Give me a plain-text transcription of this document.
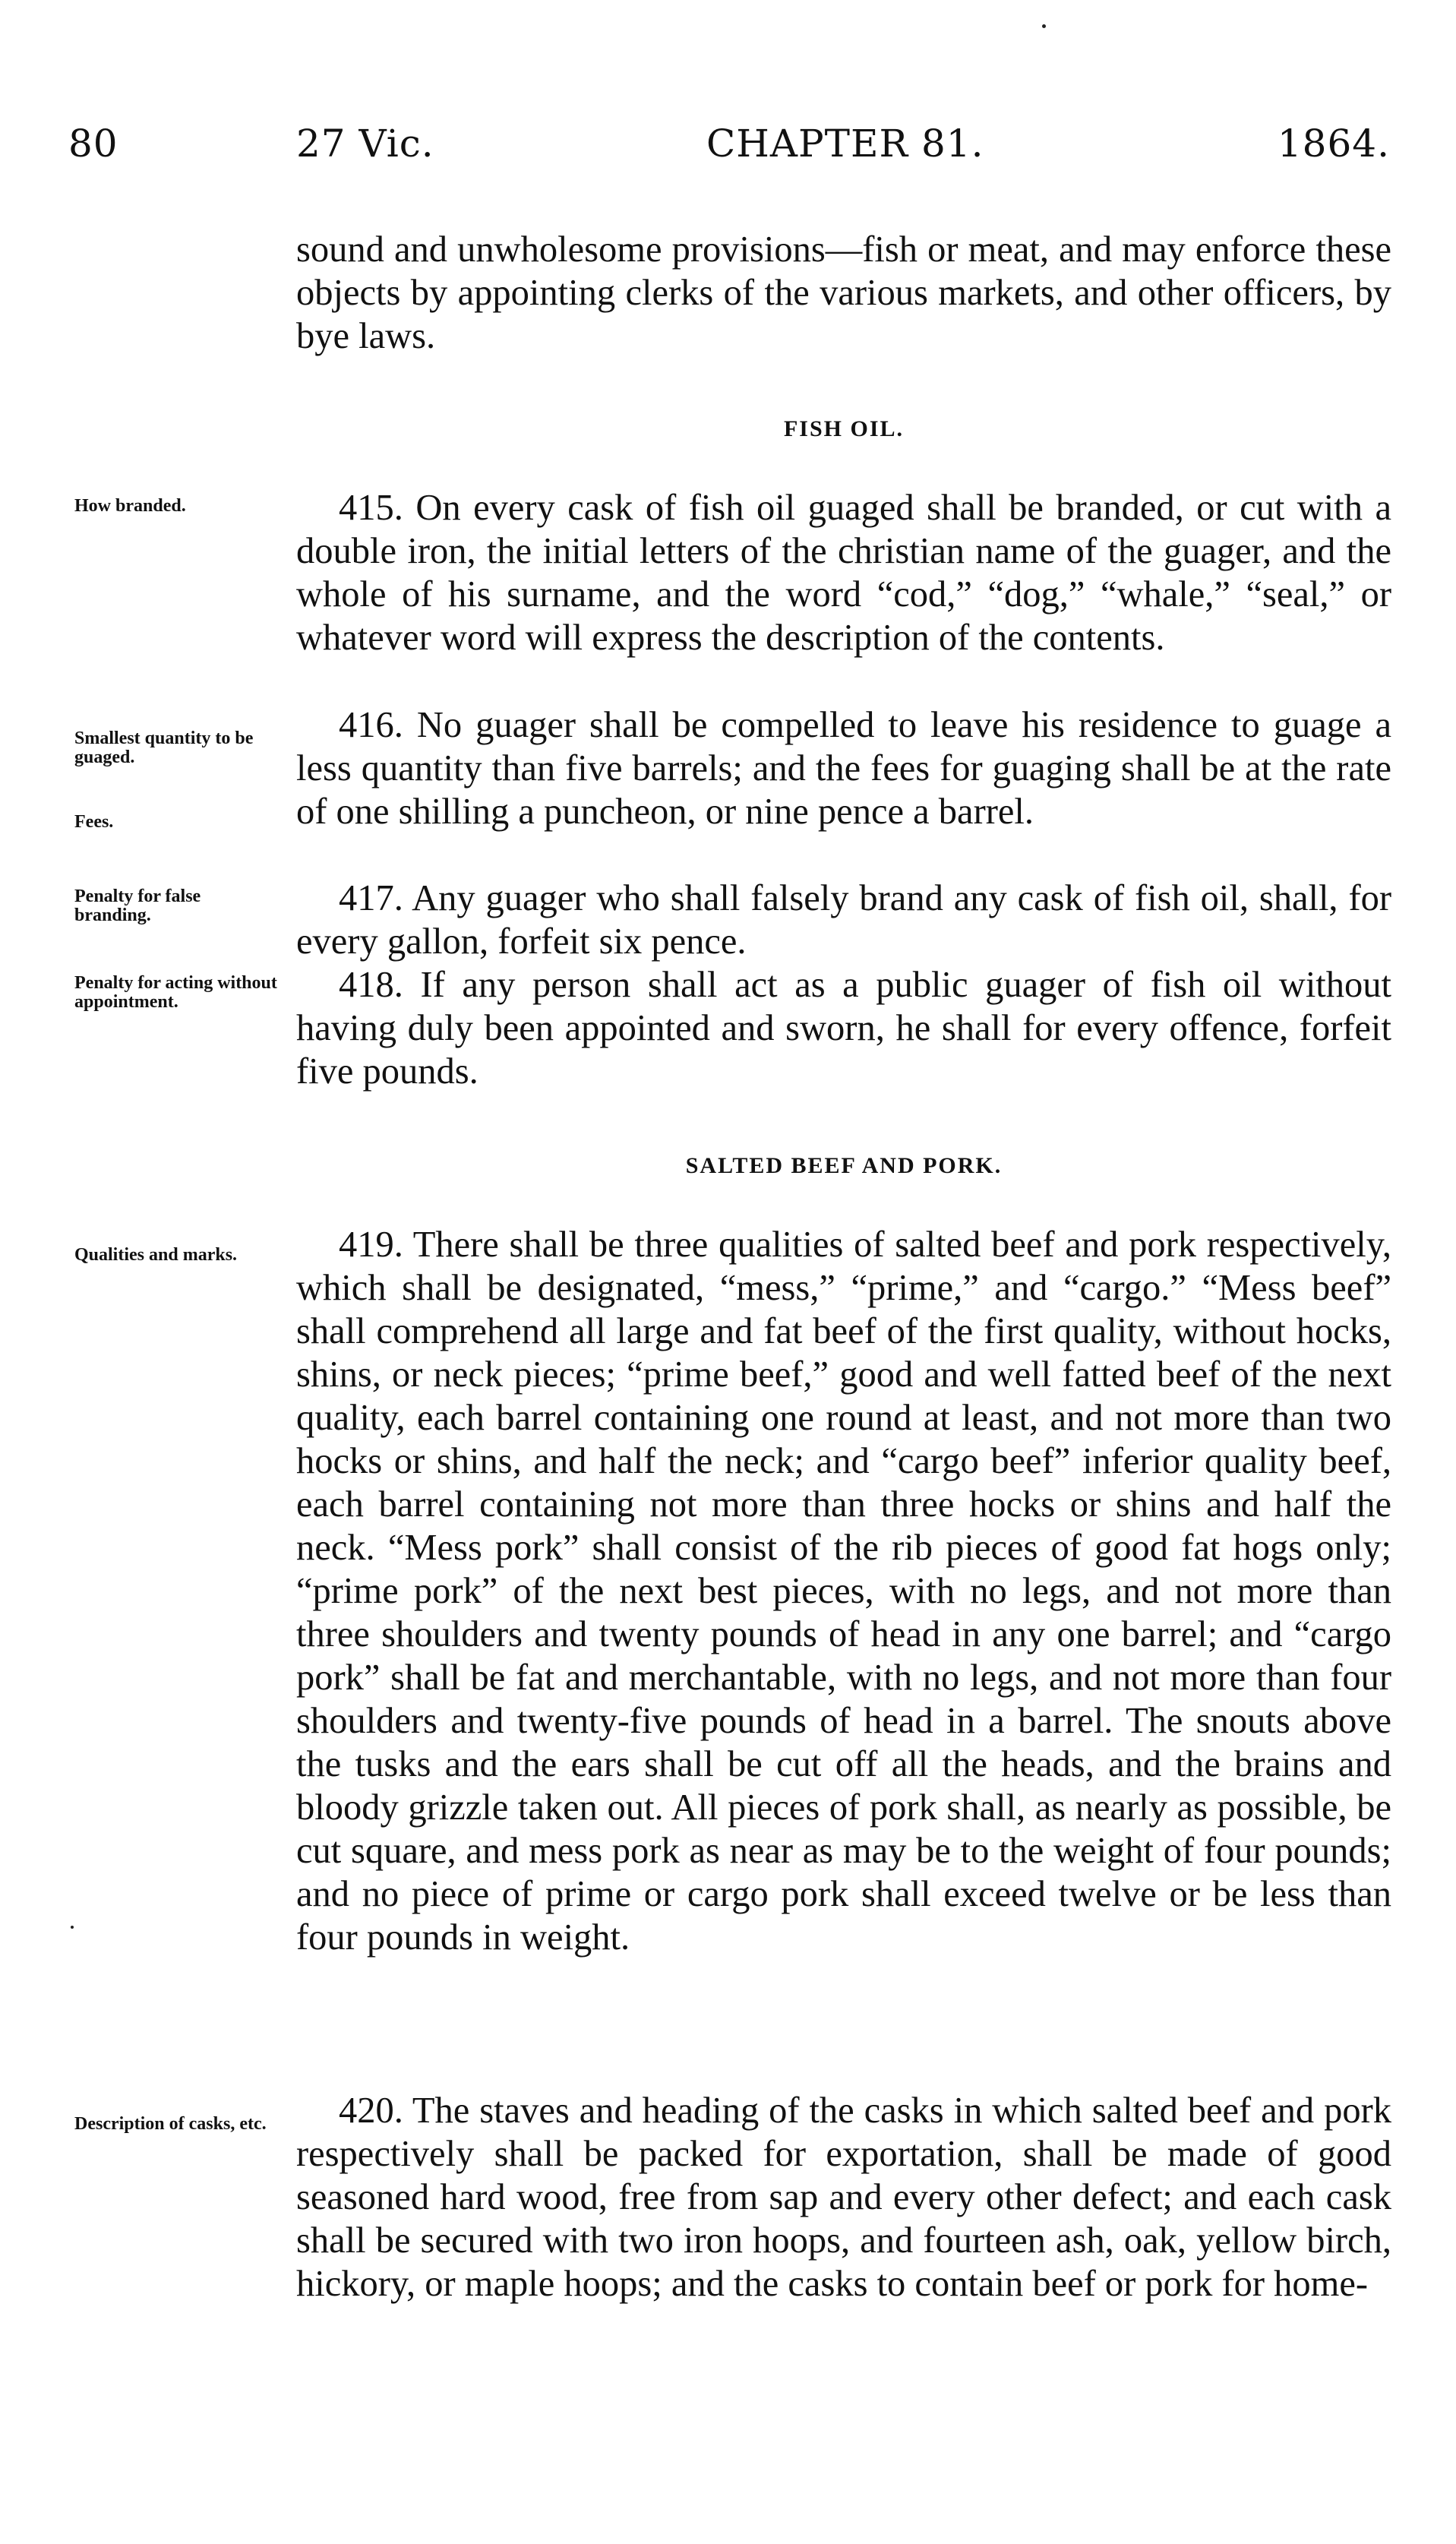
80	27 Vic.	CHAPTER 81.	1864.

sound and unwholesome provisions—fish or meat, and may enforce these objects by appointing clerks of the various markets, and other officers, by bye laws.

FISH OIL.
How branded.	415. On every cask of fish oil guaged shall be branded, or cut with a double iron, the initial letters of the christian name of the guager, and the whole of his surname, and the word “cod,” “dog,” “whale,” “seal,” or whatever word will express the description of the contents.

Smallest quantity to be guaged.
Fees.

416. No guager shall be compelled to leave his residence to guage a less quantity than five barrels; and the fees for guaging shall be at the rate of one shilling a puncheon, or nine pence a barrel.

Penalty for false branding.	417. Any guager who shall falsely brand any cask of fish oil, shall, for every gallon, forfeit six pence.

Penalty for acting without appointment.	418. If any person shall act as a public guager of fish oil without having duly been appointed and sworn, he shall for every offence, forfeit five pounds.

SALTED BEEF AND PORK.
Qualities and marks.	419. There shall be three qualities of salted beef and pork respectively, which shall be designated, “mess,” “prime,” and “cargo.” “Mess beef” shall comprehend all large and fat beef of the first quality, without hocks, shins, or neck pieces; “prime beef,” good and well fatted beef of the next quality, each barrel containing one round at least, and not more than two hocks or shins, and half the neck; and “cargo beef” inferior quality beef, each barrel containing not more than three hocks or shins and half the neck. “Mess pork” shall consist of the rib pieces of good fat hogs only; “prime pork” of the next best pieces, with no legs, and not more than three shoulders and twenty pounds of head in any one barrel; and “cargo pork” shall be fat and merchantable, with no legs, and not more than four shoulders and twenty-five pounds of head in a barrel. The snouts above the tusks and the ears shall be cut off all the heads, and the brains and bloody grizzle taken out. All pieces of pork shall, as nearly as possible, be cut square, and mess pork as near as may be to the weight of four pounds; and no piece of prime or cargo pork shall exceed twelve or be less than four pounds in weight.

Description of casks, etc.	420. The staves and heading of the casks in which salted beef and pork respectively shall be packed for exportation, shall be made of good seasoned hard wood, free from sap and every other defect; and each cask shall be secured with two iron hoops, and fourteen ash, oak, yellow birch, hickory, or maple hoops; and the casks to contain beef or pork for home-
